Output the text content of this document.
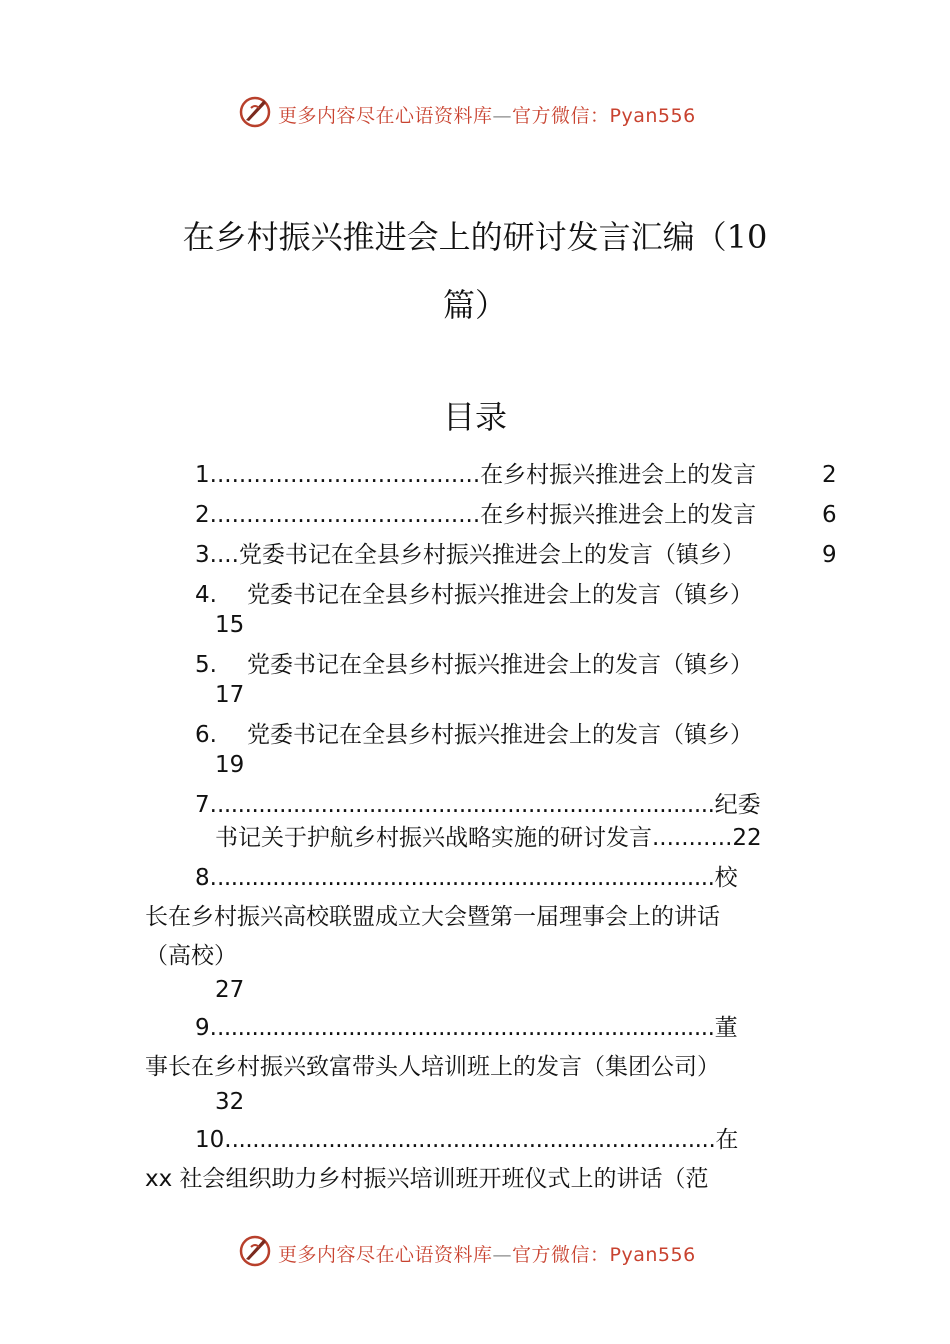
更多内容尽在心语资料库—官方微信：Pyan556
在乡村振兴推进会上的研讨发言汇编（10
篇）
目录
1.....................................在乡村振兴推进会上的发言	2
2.....................................在乡村振兴推进会上的发言	6
3....党委书记在全县乡村振兴推进会上的发言（镇乡）	9
4. 党委书记在全县乡村振兴推进会上的发言（镇乡）
15
5. 党委书记在全县乡村振兴推进会上的发言（镇乡）
17
6. 党委书记在全县乡村振兴推进会上的发言（镇乡）
19
7.........................................................................纪委
书记关于护航乡村振兴战略实施的研讨发言...........22
8.........................................................................校
长在乡村振兴高校联盟成立大会暨第一届理事会上的讲话
（高校）
27
9.........................................................................董
事长在乡村振兴致富带头人培训班上的发言（集团公司）
32
10.......................................................................在
xx 社会组织助力乡村振兴培训班开班仪式上的讲话（范
更多内容尽在心语资料库—官方微信：Pyan556
